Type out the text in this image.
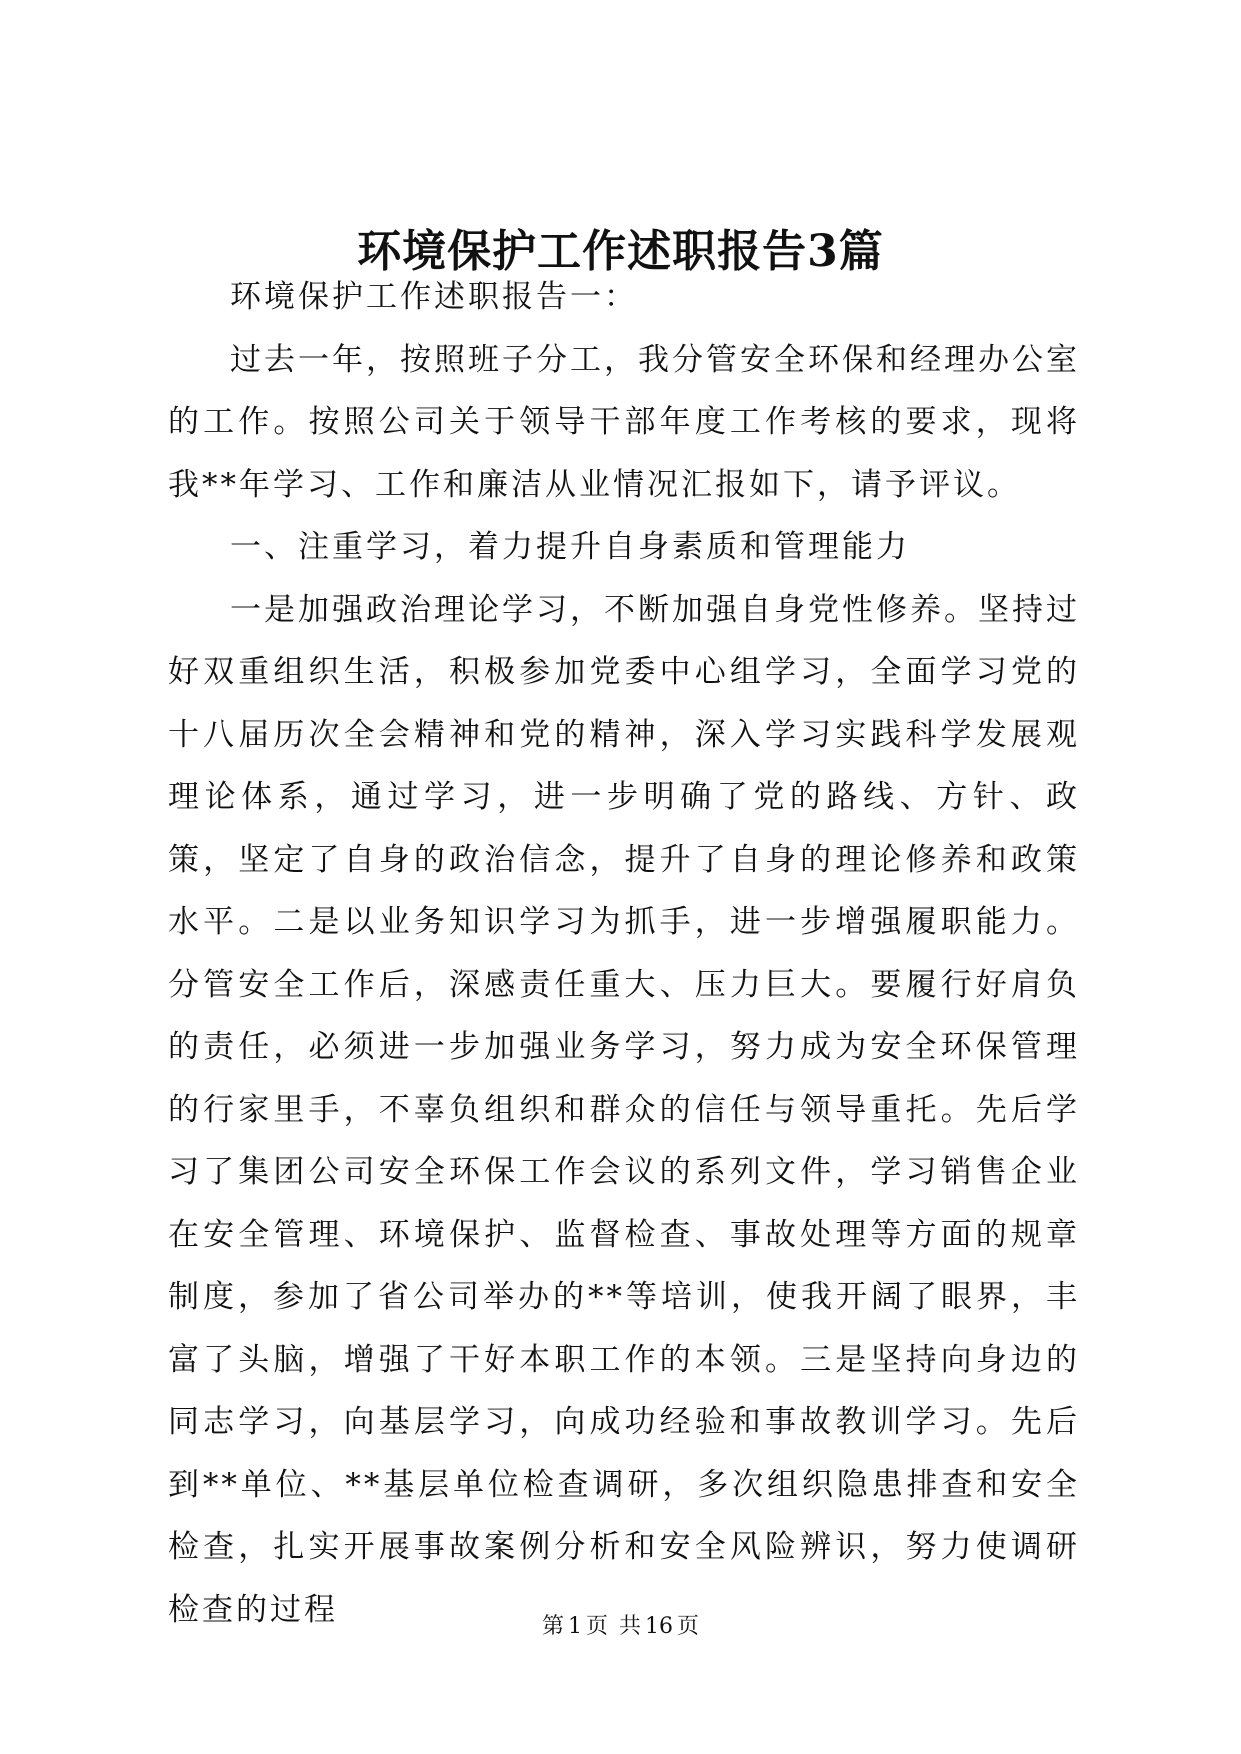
环境保护工作述职报告3篇

环境保护工作述职报告一：

过去一年，按照班子分工，我分管安全环保和经理办公室的工作。按照公司关于领导干部年度工作考核的要求，现将我**年学习、工作和廉洁从业情况汇报如下，请予评议。

一、注重学习，着力提升自身素质和管理能力

一是加强政治理论学习，不断加强自身党性修养。坚持过好双重组织生活，积极参加党委中心组学习，全面学习党的十八届历次全会精神和党的精神，深入学习实践科学发展观理论体系，通过学习，进一步明确了党的路线、方针、政策，坚定了自身的政治信念，提升了自身的理论修养和政策水平。二是以业务知识学习为抓手，进一步增强履职能力。分管安全工作后，深感责任重大、压力巨大。要履行好肩负的责任，必须进一步加强业务学习，努力成为安全环保管理的行家里手，不辜负组织和群众的信任与领导重托。先后学习了集团公司安全环保工作会议的系列文件，学习销售企业在安全管理、环境保护、监督检查、事故处理等方面的规章制度，参加了省公司举办的**等培训，使我开阔了眼界，丰富了头脑，增强了干好本职工作的本领。三是坚持向身边的同志学习，向基层学习，向成功经验和事故教训学习。先后到**单位、**基层单位检查调研，多次组织隐患排查和安全检查，扎实开展事故案例分析和安全风险辨识，努力使调研检查的过程	第 1 页 共 16 页
